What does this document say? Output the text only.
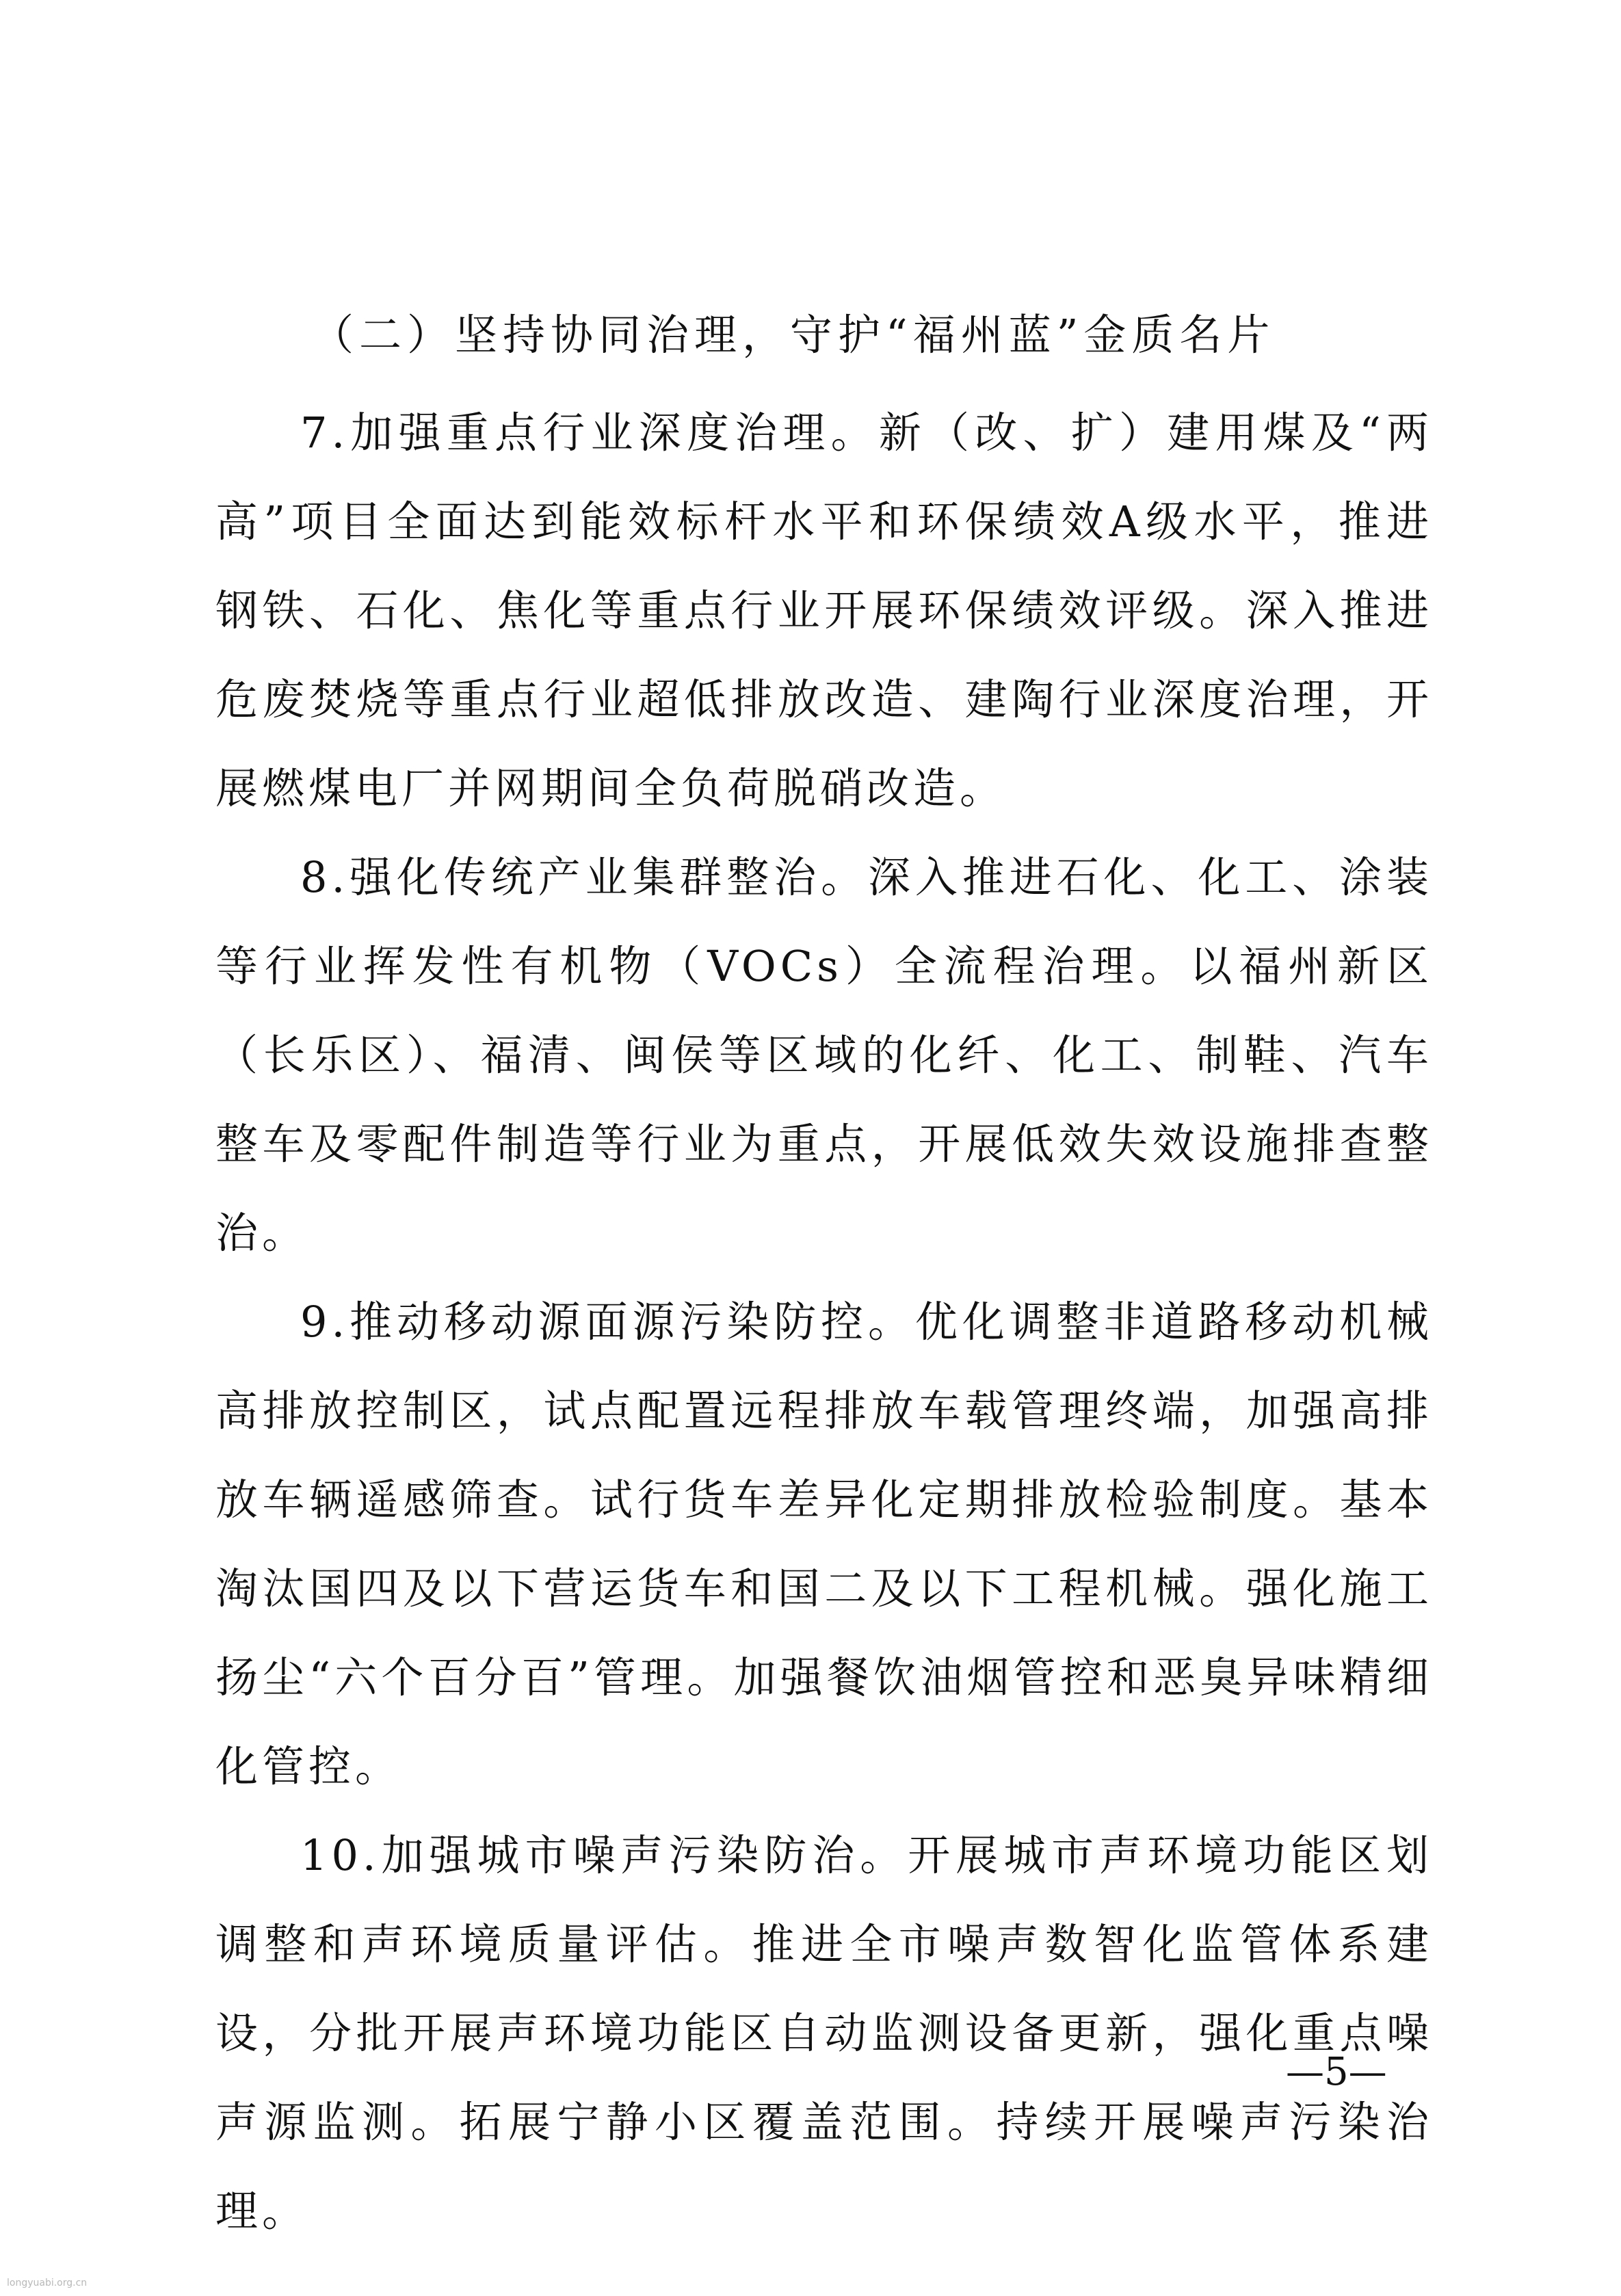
（二）坚持协同治理，守护“福州蓝”金质名片

7.加强重点行业深度治理。新（改、扩）建用煤及“两高”项目全面达到能效标杆水平和环保绩效A级水平，推进钢铁、石化、焦化等重点行业开展环保绩效评级。深入推进危废焚烧等重点行业超低排放改造、建陶行业深度治理，开展燃煤电厂并网期间全负荷脱硝改造。

8.强化传统产业集群整治。深入推进石化、化工、涂装等行业挥发性有机物（VOCs）全流程治理。以福州新区（长乐区）、福清、闽侯等区域的化纤、化工、制鞋、汽车整车及零配件制造等行业为重点，开展低效失效设施排查整治。

9.推动移动源面源污染防控。优化调整非道路移动机械高排放控制区，试点配置远程排放车载管理终端，加强高排放车辆遥感筛查。试行货车差异化定期排放检验制度。基本淘汰国四及以下营运货车和国二及以下工程机械。强化施工扬尘“六个百分百”管理。加强餐饮油烟管控和恶臭异味精细化管控。

10.加强城市噪声污染防治。开展城市声环境功能区划调整和声环境质量评估。推进全市噪声数智化监管体系建设，分批开展声环境功能区自动监测设备更新，强化重点噪声源监测。拓展宁静小区覆盖范围。持续开展噪声污染治理。

—5—
longyuabi.org.cn
